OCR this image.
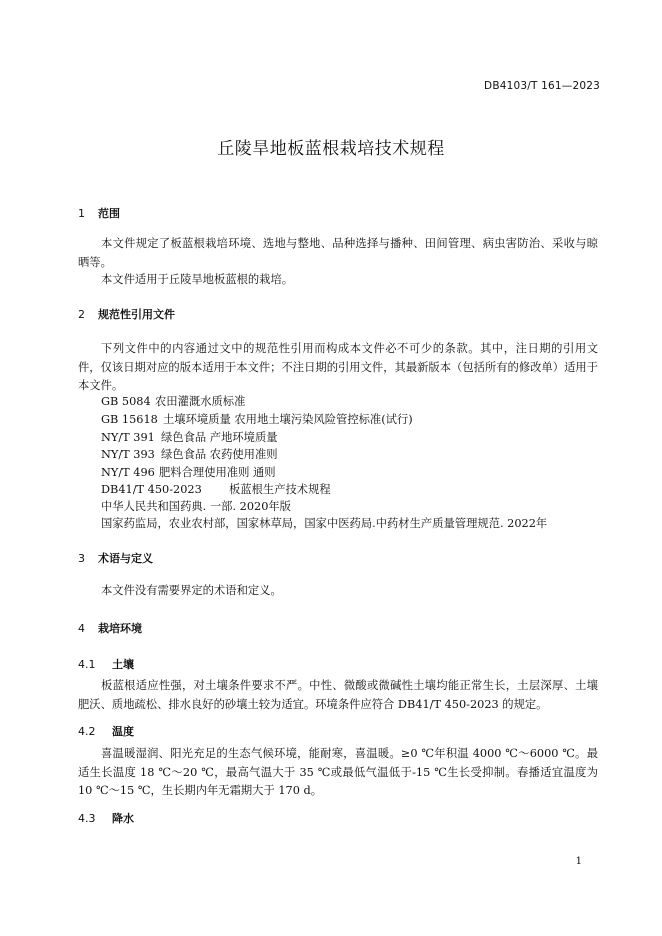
DB4103/T 161—2023
丘陵旱地板蓝根栽培技术规程
1 范围
本文件规定了板蓝根栽培环境、选地与整地、品种选择与播种、田间管理、病虫害防治、采收与晾晒等。
本文件适用于丘陵旱地板蓝根的栽培。
2 规范性引用文件
下列文件中的内容通过文中的规范性引用而构成本文件必不可少的条款。其中，注日期的引用文件，仅该日期对应的版本适用于本文件；不注日期的引用文件，其最新版本（包括所有的修改单）适用于本文件。
GB 5084 农田灌溉水质标准
GB 15618 土壤环境质量 农用地土壤污染风险管控标准(试行)
NY/T 391 绿色食品 产地环境质量
NY/T 393 绿色食品 农药使用准则
NY/T 496 肥料合理使用准则 通则
DB41/T 450-2023 板蓝根生产技术规程
中华人民共和国药典. 一部. 2020年版
国家药监局，农业农村部，国家林草局，国家中医药局.中药材生产质量管理规范. 2022年
3 术语与定义
本文件没有需要界定的术语和定义。
4 栽培环境
4.1 土壤
板蓝根适应性强，对土壤条件要求不严。中性、微酸或微碱性土壤均能正常生长，土层深厚、土壤肥沃、质地疏松、排水良好的砂壤土较为适宜。环境条件应符合 DB41/T 450-2023 的规定。
4.2 温度
喜温暖湿润、阳光充足的生态气候环境，能耐寒，喜温暖。≥0 ℃年积温 4000 ℃～6000 ℃。最适生长温度 18 ℃～20 ℃，最高气温大于 35 ℃或最低气温低于-15 ℃生长受抑制。春播适宜温度为 10 ℃～15 ℃，生长期内年无霜期大于 170 d。
4.3 降水
1
